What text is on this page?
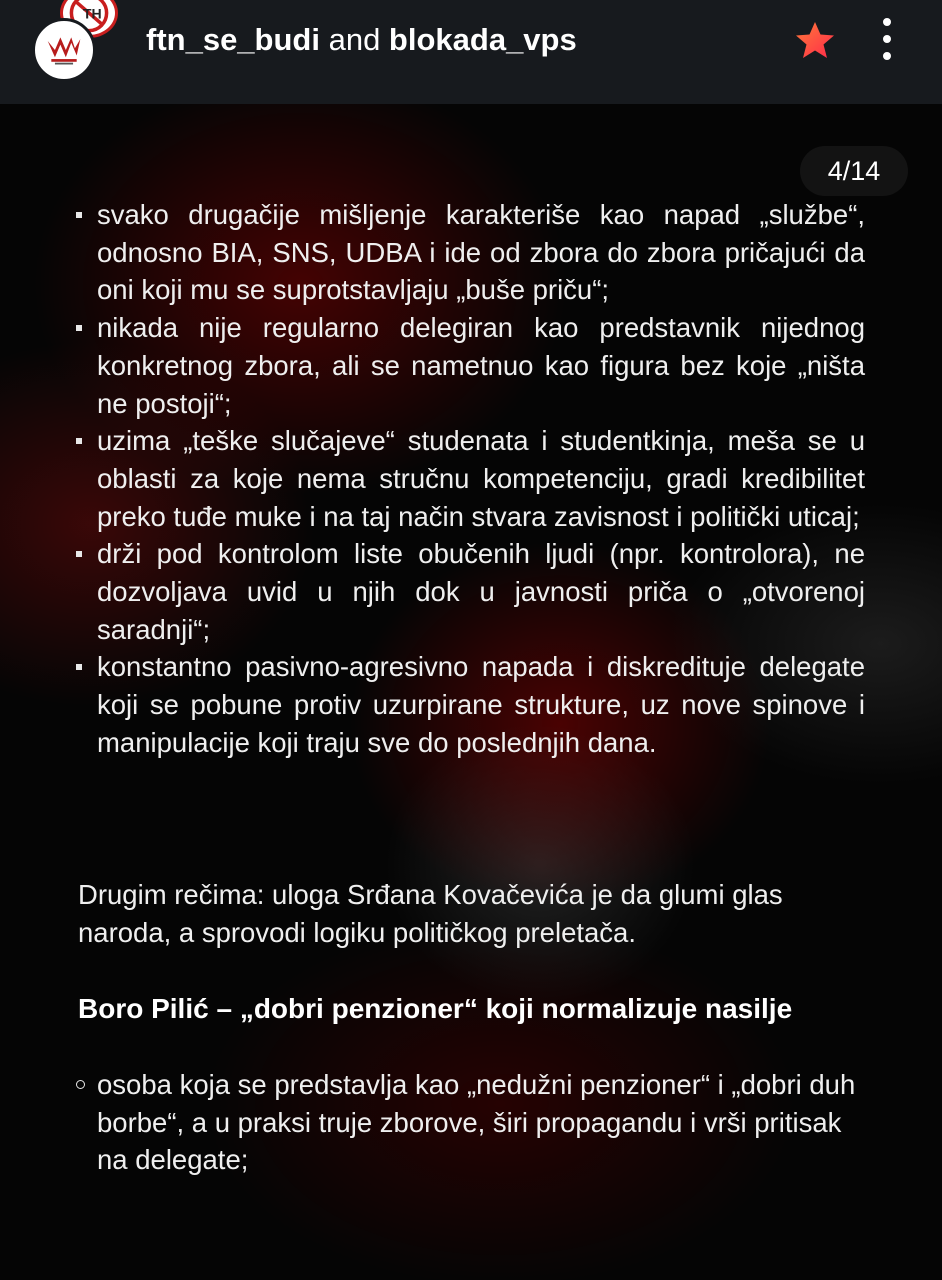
TH
ftn_se_budi and blokada_vps
4/14
svako drugačije mišljenje karakteriše kao napad „službe“, odnosno BIA, SNS, UDBA i ide od zbora do zbora pričajući da oni koji mu se suprotstavljaju „buše priču“;
nikada nije regularno delegiran kao predstavnik nijednog konkretnog zbora, ali se nametnuo kao figura bez koje „ništa ne postoji“;
uzima „teške slučajeve“ studenata i studentkinja, meša se u oblasti za koje nema stručnu kompetenciju, gradi kredibilitet preko tuđe muke i na taj način stvara zavisnost i politički uticaj;
drži pod kontrolom liste obučenih ljudi (npr. kontrolora), ne dozvoljava uvid u njih dok u javnosti priča o „otvorenoj saradnji“;
konstantno pasivno-agresivno napada i diskredituje delegate koji se pobune protiv uzurpirane strukture, uz nove spinove i manipulacije koji traju sve do poslednjih dana.
Drugim rečima: uloga Srđana Kovačevića je da glumi glas naroda, a sprovodi logiku političkog preletača.
Boro Pilić – „dobri penzioner“ koji normalizuje nasilje
osoba koja se predstavlja kao „nedužni penzioner“ i „dobri duh borbe“, a u praksi truje zborove, širi propagandu i vrši pritisak na delegate;
